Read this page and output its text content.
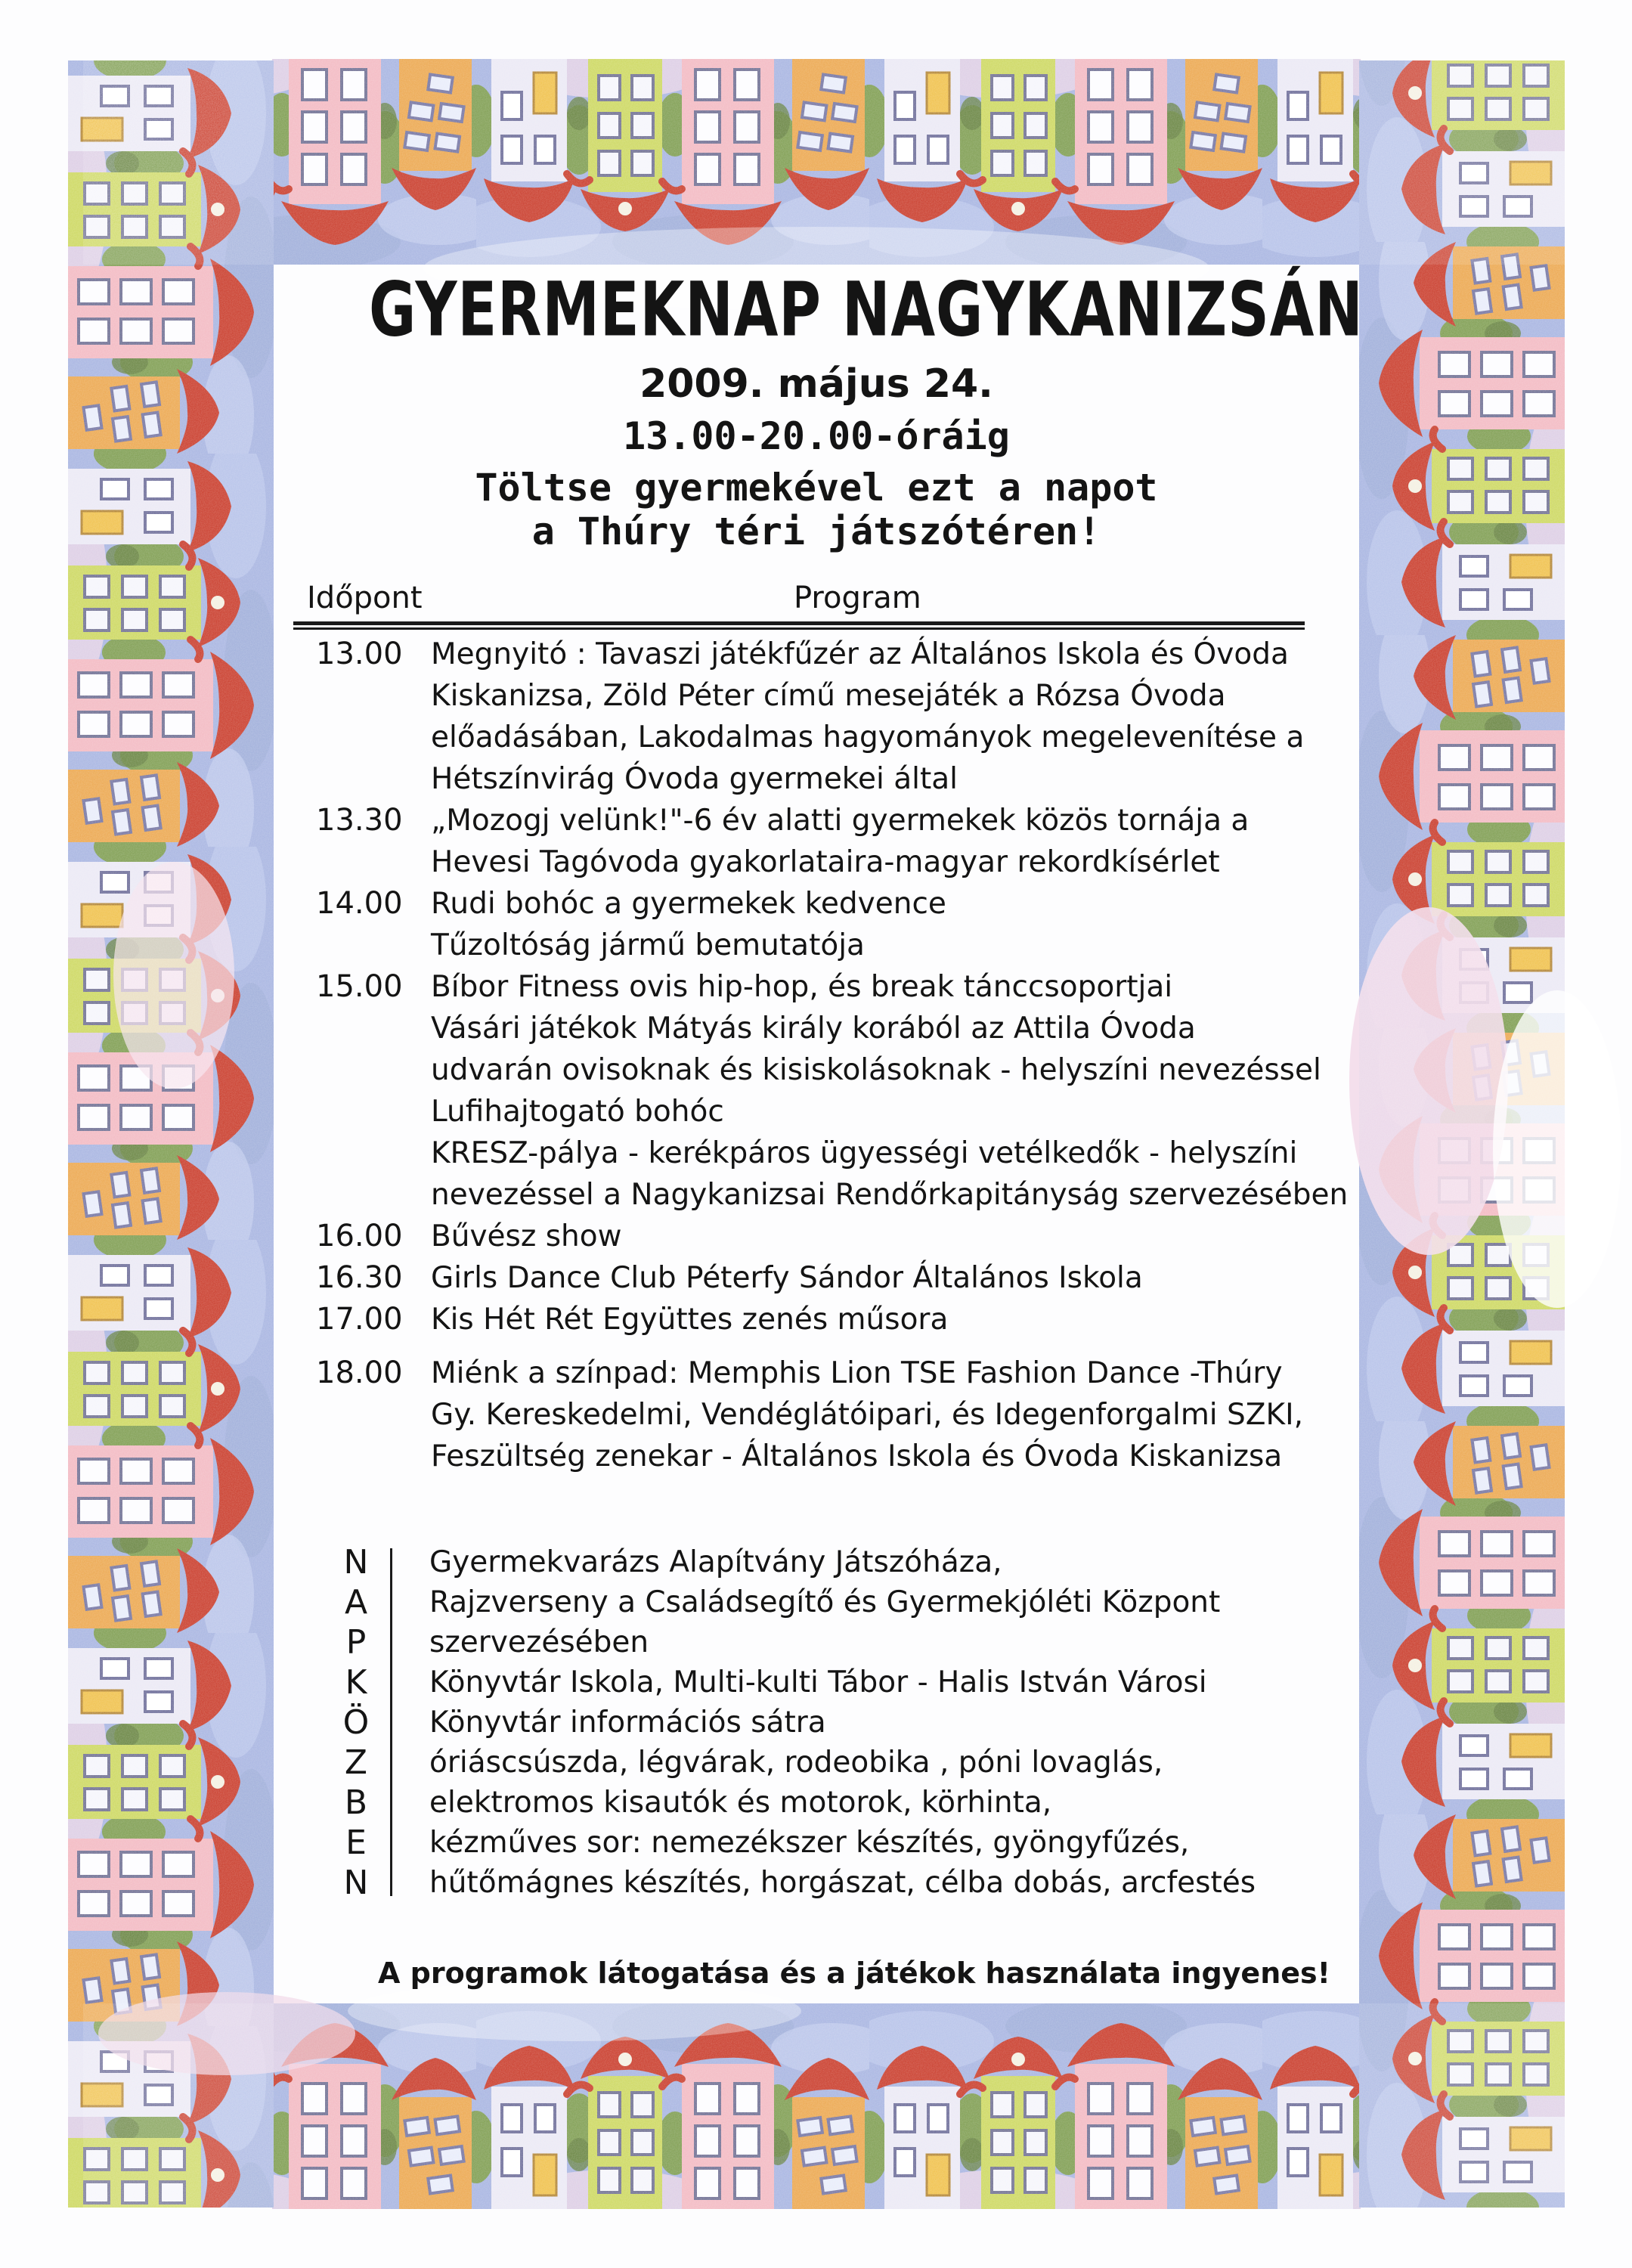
GYERMEKNAP NAGYKANIZSÁN
2009. május 24.
13.00-20.00-óráig
Töltse gyermekével ezt a napot
a Thúry téri játszótéren!
Időpont	Program
13.00 Megnyitó : Tavaszi játékfűzér az Általános Iskola és Óvoda
Kiskanizsa, Zöld Péter című mesejáték a Rózsa Óvoda
előadásában, Lakodalmas hagyományok megelevenítése a
Hétszínvirág Óvoda gyermekei által
13.30 „Mozogj velünk!"-6 év alatti gyermekek közös tornája a
Hevesi Tagóvoda gyakorlataira-magyar rekordkísérlet
14.00 Rudi bohóc a gyermekek kedvence
Tűzoltóság jármű bemutatója
15.00 Bíbor Fitness ovis hip-hop, és break tánccsoportjai
Vásári játékok Mátyás király korából az Attila Óvoda
udvarán ovisoknak és kisiskolásoknak - helyszíni nevezéssel
Lufihajtogató bohóc
KRESZ-pálya - kerékpáros ügyességi vetélkedők - helyszíni
nevezéssel a Nagykanizsai Rendőrkapitányság szervezésében
16.00 Bűvész show
16.30 Girls Dance Club Péterfy Sándor Általános Iskola
17.00 Kis Hét Rét Együttes zenés műsora
18.00 Miénk a színpad: Memphis Lion TSE Fashion Dance -Thúry
Gy. Kereskedelmi, Vendéglátóipari, és Idegenforgalmi SZKI,
Feszültség zenekar - Általános Iskola és Óvoda Kiskanizsa
N	Gyermekvarázs Alapítvány Játszóháza,
A	Rajzverseny a Családsegítő és Gyermekjóléti Központ
P	szervezésében
K	Könyvtár Iskola, Multi-kulti Tábor - Halis István Városi
Ö	Könyvtár információs sátra
Z	óriáscsúszda, légvárak, rodeobika , póni lovaglás,
B	elektromos kisautók és motorok, körhinta,
E	kézműves sor: nemezékszer készítés, gyöngyfűzés,
N	hűtőmágnes készítés, horgászat, célba dobás, arcfestés
A programok látogatása és a játékok használata ingyenes!
